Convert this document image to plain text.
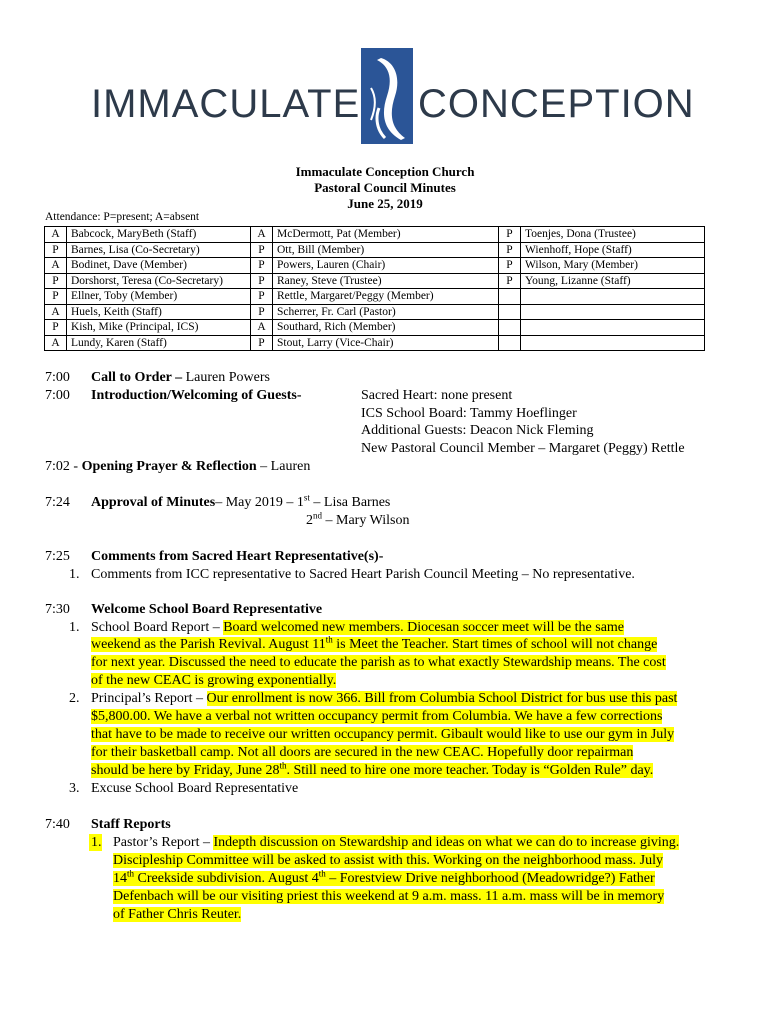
IMMACULATE CONCEPTION
Immaculate Conception Church
Pastoral Council Minutes
June 25, 2019
Attendance: P=present; A=absent
A	Babcock, MaryBeth (Staff)	A	McDermott, Pat (Member)	P	Toenjes, Dona (Trustee)
P	Barnes, Lisa (Co-Secretary)	P	Ott, Bill (Member)	P	Wienhoff, Hope (Staff)
A	Bodinet, Dave (Member)	P	Powers, Lauren (Chair)	P	Wilson, Mary (Member)
P	Dorshorst, Teresa (Co-Secretary)	P	Raney, Steve (Trustee)	P	Young, Lizanne (Staff)
P	Ellner, Toby (Member)	P	Rettle, Margaret/Peggy (Member)		
A	Huels, Keith (Staff)	P	Scherrer, Fr. Carl (Pastor)		
P	Kish, Mike (Principal, ICS)	A	Southard, Rich (Member)		
A	Lundy, Karen (Staff)	P	Stout, Larry (Vice-Chair)		
7:00 Call to Order – Lauren Powers
7:00 Introduction/Welcoming of Guests-	Sacred Heart: none present
ICS School Board: Tammy Hoeflinger
Additional Guests: Deacon Nick Fleming
New Pastoral Council Member – Margaret (Peggy) Rettle
7:02 - Opening Prayer & Reflection – Lauren
7:24 Approval of Minutes– May 2019 – 1st – Lisa Barnes
2nd – Mary Wilson
7:25 Comments from Sacred Heart Representative(s)-
1. Comments from ICC representative to Sacred Heart Parish Council Meeting – No representative.
7:30 Welcome School Board Representative
1. School Board Report – Board welcomed new members. Diocesan soccer meet will be the same
weekend as the Parish Revival. August 11th is Meet the Teacher. Start times of school will not change
for next year. Discussed the need to educate the parish as to what exactly Stewardship means. The cost
of the new CEAC is growing exponentially.
2. Principal’s Report – Our enrollment is now 366. Bill from Columbia School District for bus use this past
$5,800.00. We have a verbal not written occupancy permit from Columbia. We have a few corrections
that have to be made to receive our written occupancy permit. Gibault would like to use our gym in July
for their basketball camp. Not all doors are secured in the new CEAC. Hopefully door repairman
should be here by Friday, June 28th. Still need to hire one more teacher. Today is “Golden Rule” day.
3. Excuse School Board Representative
7:40 Staff Reports
1. Pastor’s Report – Indepth discussion on Stewardship and ideas on what we can do to increase giving.
Discipleship Committee will be asked to assist with this. Working on the neighborhood mass. July
14th Creekside subdivision. August 4th – Forestview Drive neighborhood (Meadowridge?) Father
Defenbach will be our visiting priest this weekend at 9 a.m. mass. 11 a.m. mass will be in memory
of Father Chris Reuter.
